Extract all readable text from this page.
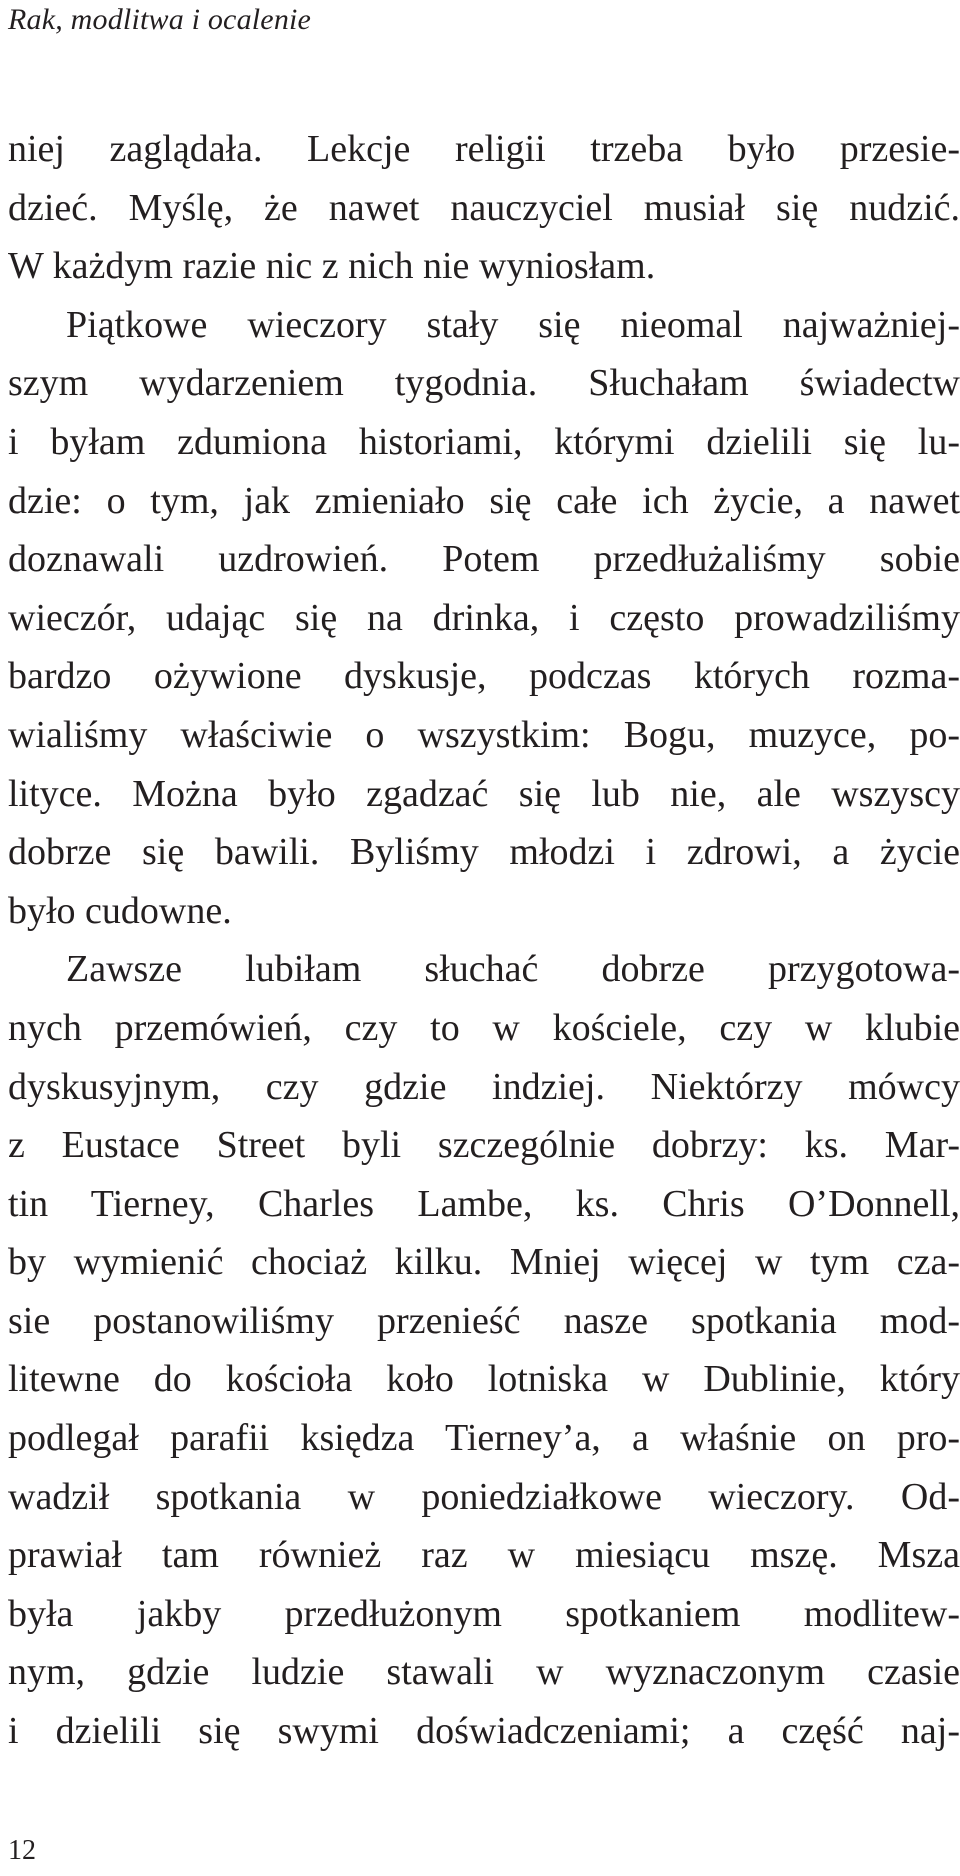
Rak, modlitwa i ocalenie
niej zaglądała. Lekcje religii trzeba było przesie-
dzieć. Myślę, że nawet nauczyciel musiał się nudzić.
W każdym razie nic z nich nie wyniosłam.
Piątkowe wieczory stały się nieomal najważniej-
szym wydarzeniem tygodnia. Słuchałam świadectw
i byłam zdumiona historiami, którymi dzielili się lu-
dzie: o tym, jak zmieniało się całe ich życie, a nawet
doznawali uzdrowień. Potem przedłużaliśmy sobie
wieczór, udając się na drinka, i często prowadziliśmy
bardzo ożywione dyskusje, podczas których rozma-
wialiśmy właściwie o wszystkim: Bogu, muzyce, po-
lityce. Można było zgadzać się lub nie, ale wszyscy
dobrze się bawili. Byliśmy młodzi i zdrowi, a życie
było cudowne.
Zawsze lubiłam słuchać dobrze przygotowa-
nych przemówień, czy to w kościele, czy w klubie
dyskusyjnym, czy gdzie indziej. Niektórzy mówcy
z Eustace Street byli szczególnie dobrzy: ks. Mar-
tin Tierney, Charles Lambe, ks. Chris O’Donnell,
by wymienić chociaż kilku. Mniej więcej w tym cza-
sie postanowiliśmy przenieść nasze spotkania mod-
litewne do kościoła koło lotniska w Dublinie, który
podlegał parafii księdza Tierney’a, a właśnie on pro-
wadził spotkania w poniedziałkowe wieczory. Od-
prawiał tam również raz w miesiącu mszę. Msza
była jakby przedłużonym spotkaniem modlitew-
nym, gdzie ludzie stawali w wyznaczonym czasie
i dzielili się swymi doświadczeniami; a część naj-
12
